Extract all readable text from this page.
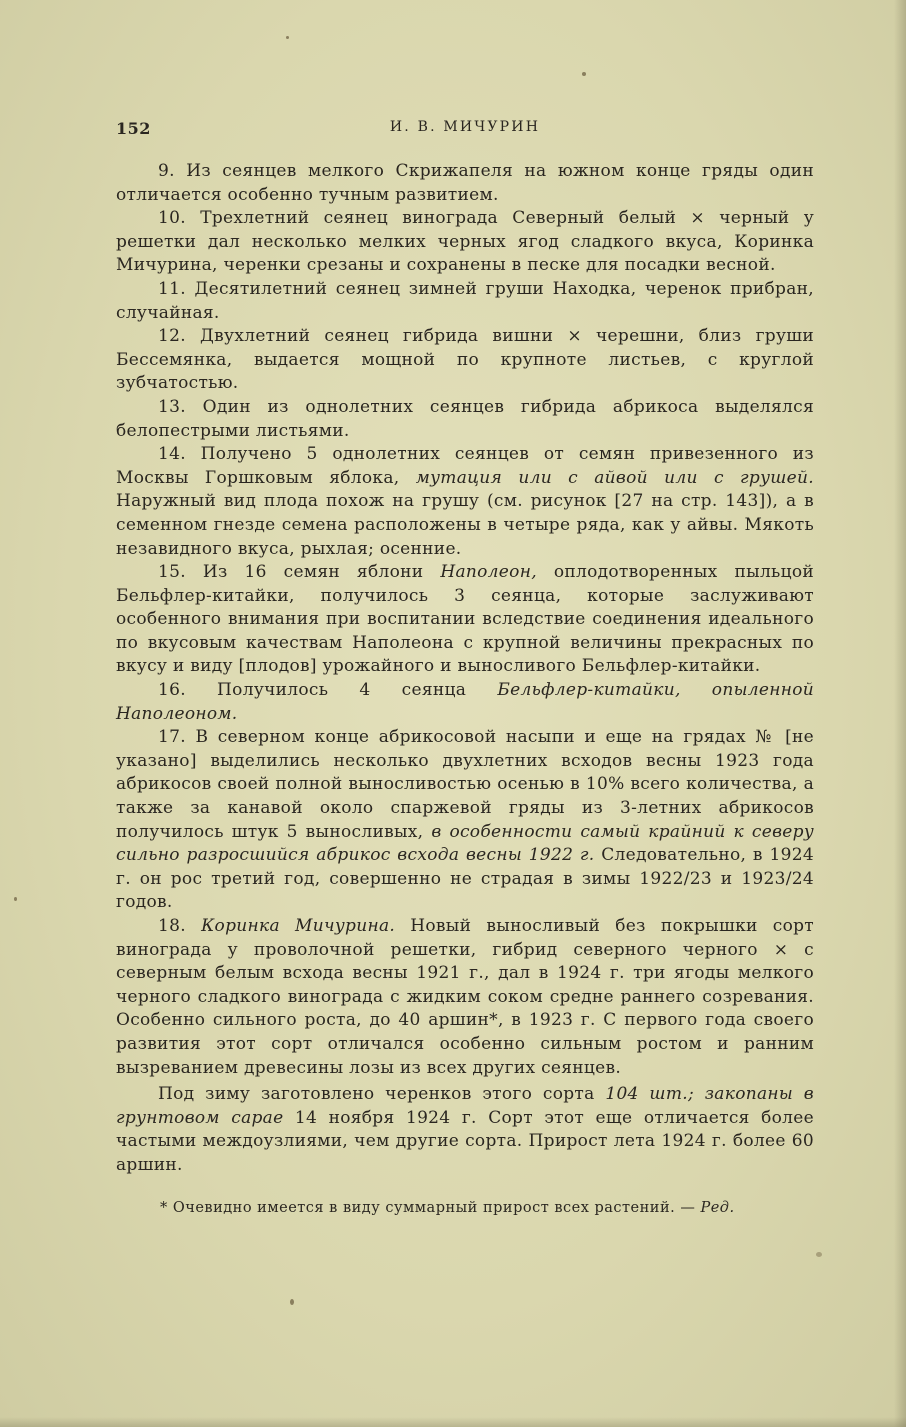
152	И. В. МИЧУРИН

9. Из сеянцев мелкого Скрижапеля на южном конце гряды один отличается особенно тучным развитием.

10. Трехлетний сеянец винограда Северный белый × черный у решетки дал несколько мелких черных ягод сладкого вкуса, Коринка Мичурина, черенки срезаны и сохранены в песке для посадки весной.

11. Десятилетний сеянец зимней груши Находка, черенок прибран, случайная.

12. Двухлетний сеянец гибрида вишни × черешни, близ груши Бессемянка, выдается мощной по крупноте листьев, с круглой зубчатостью.

13. Один из однолетних сеянцев гибрида абрикоса выделялся белопестрыми листьями.

14. Получено 5 однолетних сеянцев от семян привезенного из Москвы Горшковым яблока, мутация или с айвой или с грушей. Наружный вид плода похож на грушу (см. рисунок [27 на стр. 143]), а в семенном гнезде семена расположены в четыре ряда, как у айвы. Мякоть незавидного вкуса, рыхлая; осенние.

15. Из 16 семян яблони Наполеон, оплодотворенных пыльцой Бельфлер-китайки, получилось 3 сеянца, которые заслуживают особенного внимания при воспитании вследствие соединения идеального по вкусовым качествам Наполеона с крупной величины прекрасных по вкусу и виду [плодов] урожайного и выносливого Бельфлер-китайки.

16. Получилось 4 сеянца Бельфлер-китайки, опыленной Наполеоном.

17. В северном конце абрикосовой насыпи и еще на грядах № [не указано] выделились несколько двухлетних всходов весны 1923 года абрикосов своей полной выносливостью осенью в 10% всего количества, а также за канавой около спаржевой гряды из 3-летних абрикосов получилось штук 5 выносливых, в особенности самый крайний к северу сильно разросшийся абрикос всхода весны 1922 г. Следовательно, в 1924 г. он рос третий год, совершенно не страдая в зимы 1922/23 и 1923/24 годов.

18. Коринка Мичурина. Новый выносливый без покрышки сорт винограда у проволочной решетки, гибрид северного черного × с северным белым всхода весны 1921 г., дал в 1924 г. три ягоды мелкого черного сладкого винограда с жидким соком средне раннего созревания. Особенно сильного роста, до 40 аршин*, в 1923 г. С первого года своего развития этот сорт отличался особенно сильным ростом и ранним вызреванием древесины лозы из всех других сеянцев.

Под зиму заготовлено черенков этого сорта 104 шт.; закопаны в грунтовом сарае 14 ноября 1924 г. Сорт этот еще отличается более частыми междоузлиями, чем другие сорта. Прирост лета 1924 г. более 60 аршин.

* Очевидно имеется в виду суммарный прирост всех растений. — Ред.
